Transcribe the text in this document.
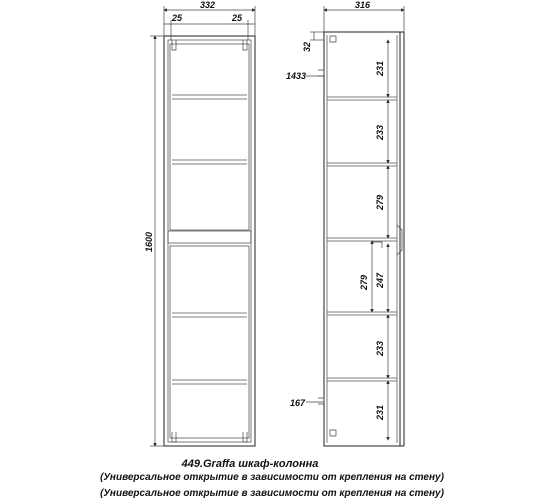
332
25	25
1600
316
32
1433
167
231
233
279
247
279
233
231
449.Graffa шкаф-колонна
(Универсальное открытие в зависимости от крепления на стену)
(Универсальное открытие в зависимости от крепления на стену)
